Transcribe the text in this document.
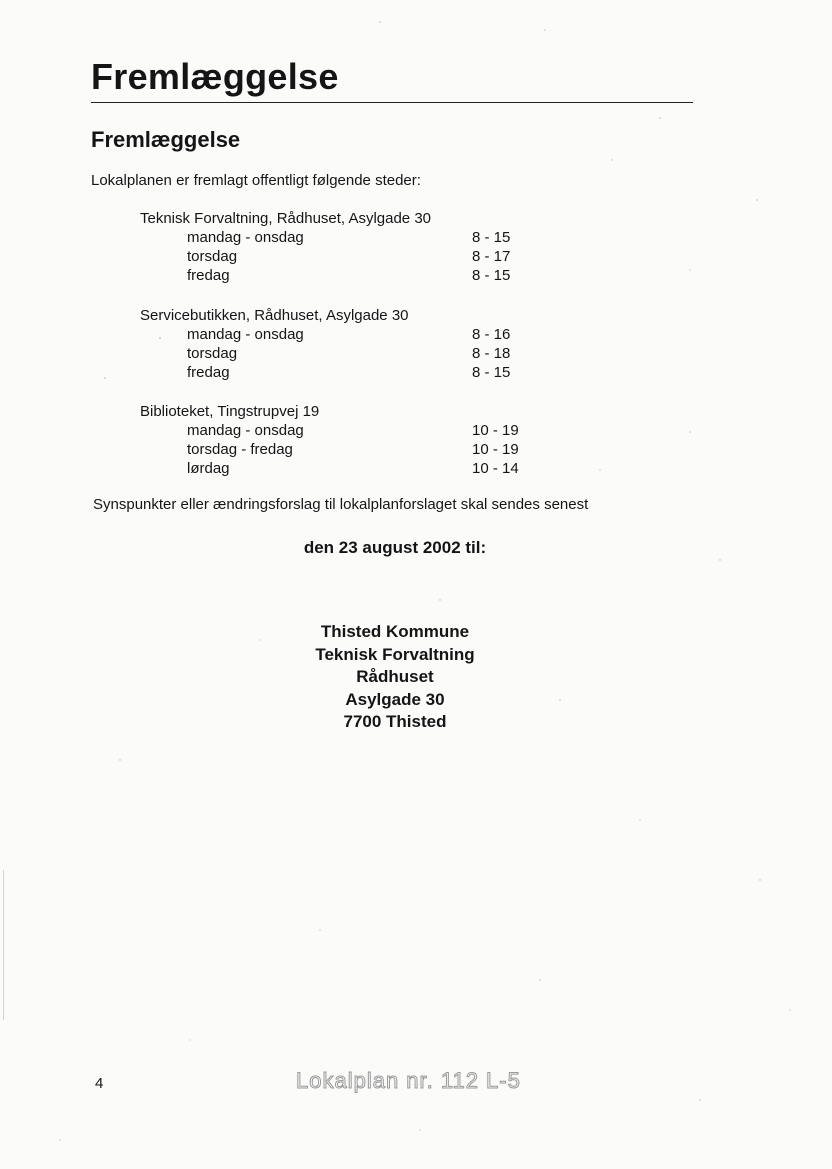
Fremlæggelse
Fremlæggelse

Lokalplanen er fremlagt offentligt følgende steder:

Teknisk Forvaltning, Rådhuset, Asylgade 30
mandag - onsdag	8 - 15
torsdag	8 - 17
fredag	8 - 15
Servicebutikken, Rådhuset, Asylgade 30
mandag - onsdag	8 - 16
torsdag	8 - 18
fredag	8 - 15
Biblioteket, Tingstrupvej 19
mandag - onsdag	10 - 19
torsdag - fredag	10 - 19
lørdag	10 - 14

Synspunkter eller ændringsforslag til lokalplanforslaget skal sendes senest

den 23 august 2002 til:

Thisted Kommune
Teknisk Forvaltning
Rådhuset
Asylgade 30
7700 Thisted
4	Lokalplan nr. 112 L-5
